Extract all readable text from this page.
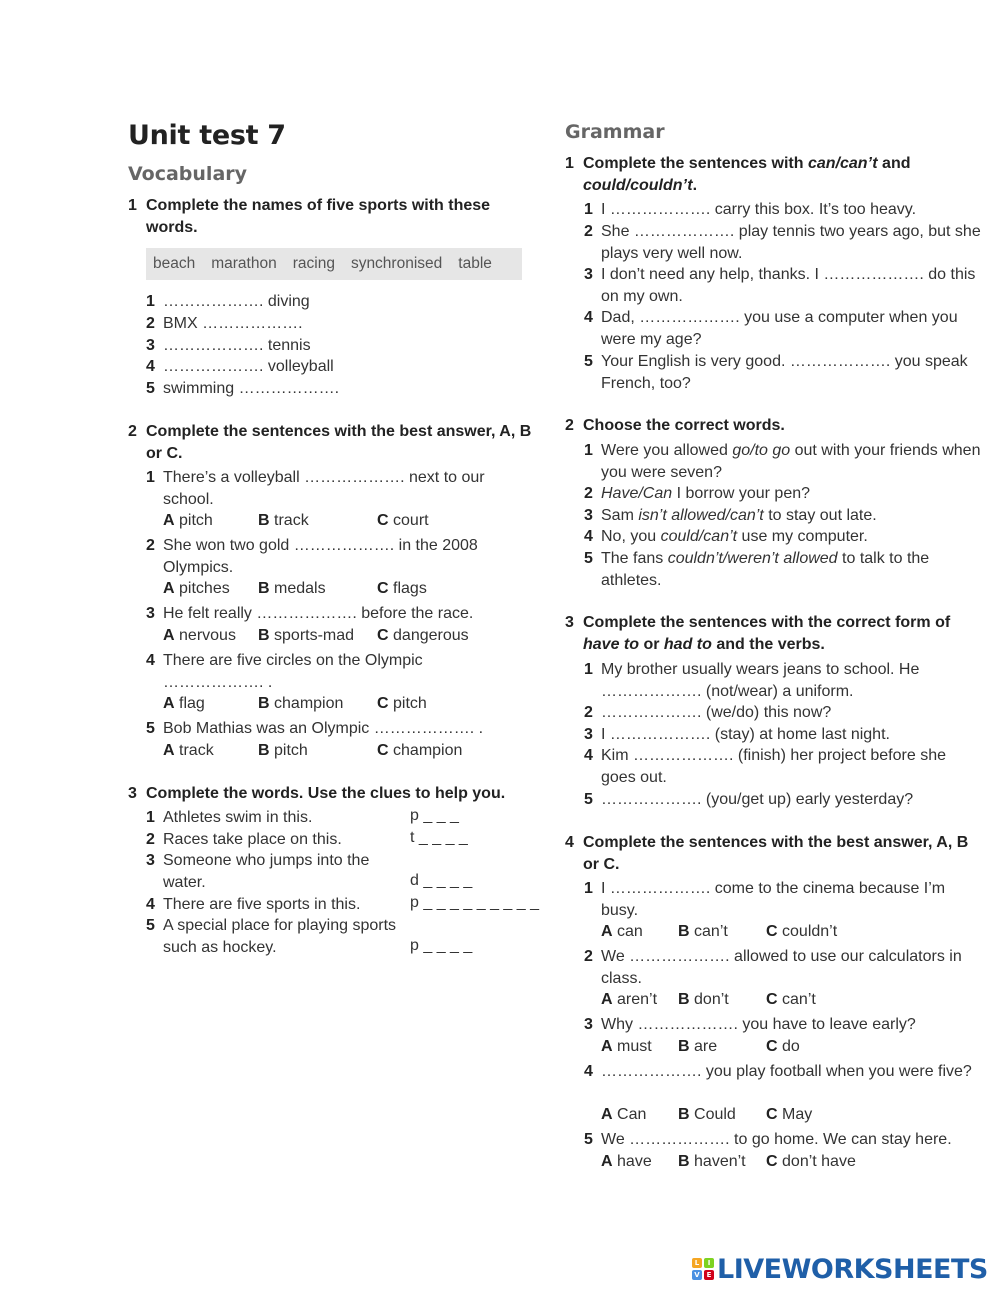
Unit test 7
Vocabulary
1 Complete the names of five sports with these words.
beach marathon racing synchronised table
1 ………………. diving
2 BMX ……………….
3 ………………. tennis
4 ………………. volleyball
5 swimming ……………….
2 Complete the sentences with the best answer, A, B or C.
1 There’s a volleyball ………………. next to our school.
A pitch	B track	C court
2 She won two gold ………………. in the 2008 Olympics.
A pitches B medals	C flags
3 He felt really ………………. before the race.
A nervous B sports-mad C dangerous
4 There are five circles on the Olympic ………………. .
A flag	B champion C pitch
5 Bob Mathias was an Olympic ………………. .
A track	B pitch	C champion
3 Complete the words. Use the clues to help you.
1 Athletes swim in this.	p _ _ _
2 Races take place on this.	t _ _ _ _
3 Someone who jumps into the water.	d _ _ _ _
4 There are five sports in this.	p _ _ _ _ _ _ _ _ _
5 A special place for playing sports such as hockey.	p _ _ _ _
Grammar
1 Complete the sentences with can/can’t and
could/couldn’t.
1 I ………………. carry this box. It’s too heavy.
2 She ………………. play tennis two years ago, but she plays very well now.
3 I don’t need any help, thanks. I ………………. do this on my own.
4 Dad, ………………. you use a computer when you were my age?
5 Your English is very good. ………………. you speak French, too?
2 Choose the correct words.
1 Were you allowed go/to go out with your friends when you were seven?
2 Have/Can I borrow your pen?
3 Sam isn’t allowed/can’t to stay out late.
4 No, you could/can’t use my computer.
5 The fans couldn’t/weren’t allowed to talk to the athletes.
3 Complete the sentences with the correct form of have to or had to and the verbs.
1 My brother usually wears jeans to school. He ………………. (not/wear) a uniform.
2 ………………. (we/do) this now?
3 I ………………. (stay) at home last night.
4 Kim ………………. (finish) her project before she goes out.
5 ………………. (you/get up) early yesterday?
4 Complete the sentences with the best answer, A, B or C.
1 I ………………. come to the cinema because I’m busy.
A can B can’t C couldn’t
2 We ………………. allowed to use our calculators in class.
A aren’t B don’t C can’t
3 Why ………………. you have to leave early?
A must B are	C do
4 ………………. you play football when you were five?
A Can B Could C May
5 We ………………. to go home. We can stay here.
A have B haven’t C don’t have
L	I
V E LIVEWORKSHEETS
